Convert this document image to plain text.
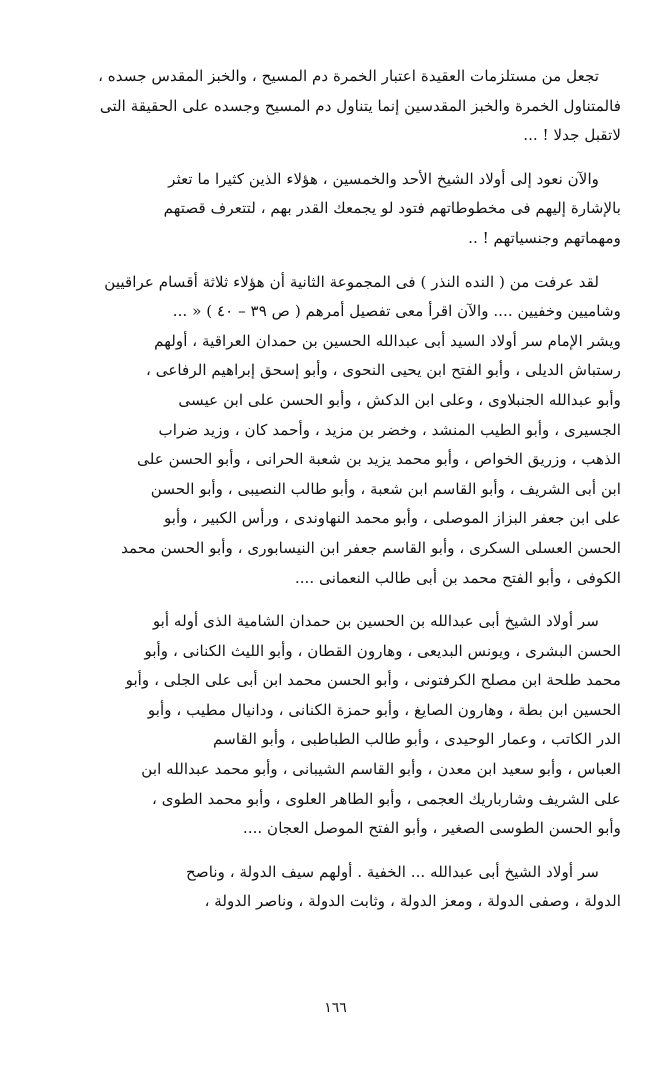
تجعل من مستلزمات العقيدة اعتبار الخمرة دم المسيح ، والخبز المقدس جسده ،
فالمتناول الخمرة والخبز المقدسين إنما يتناول دم المسيح وجسده على الحقيقة التى
لاتقبل جدلا ! ...

والآن نعود إلى أولاد الشيخ الأحد والخمسين ، هؤلاء الذين كثيرا ما تعثر
بالإشارة إليهم فى مخطوطاتهم فتود لو يجمعك القدر بهم ، لتتعرف قصتهم
ومهماتهم وجنسياتهم ! ..

لقد عرفت من ( النده النذر ) فى المجموعة الثانية أن هؤلاء ثلاثة أقسام عراقيين
وشاميين وخفيين .... والآن اقرأ معى تفصيل أمرهم ( ص ٣٩ – ٤٠ ) « ...
ويشر الإمام سر أولاد السيد أبى عبدالله الحسين بن حمدان العراقية ، أولهم
رستباش الديلى ، وأبو الفتح ابن يحيى النحوى ، وأبو إسحق إبراهيم الرفاعى ،
وأبو عبدالله الجنبلاوى ، وعلى ابن الدكش ، وأبو الحسن على ابن عيسى
الجسيرى ، وأبو الطيب المنشد ، وخضر بن مزيد ، وأحمد كان ، وزيد ضراب
الذهب ، وزريق الخواص ، وأبو محمد يزيد بن شعبة الحرانى ، وأبو الحسن على
ابن أبى الشريف ، وأبو القاسم ابن شعبة ، وأبو طالب النصيبى ، وأبو الحسن
على ابن جعفر البزاز الموصلى ، وأبو محمد النهاوندى ، ورأس الكبير ، وأبو
الحسن العسلى السكرى ، وأبو القاسم جعفر ابن النيسابورى ، وأبو الحسن محمد
الكوفى ، وأبو الفتح محمد بن أبى طالب النعمانى ....

سر أولاد الشيخ أبى عبدالله بن الحسين بن حمدان الشامية الذى أوله أبو
الحسن البشرى ، ويونس البديعى ، وهارون القطان ، وأبو الليث الكنانى ، وأبو
محمد طلحة ابن مصلح الكرفتونى ، وأبو الحسن محمد ابن أبى على الجلى ، وأبو
الحسين ابن بطة ، وهارون الصايغ ، وأبو حمزة الكنانى ، ودانيال مطيب ، وأبو
الدر الكاتب ، وعمار الوحيدى ، وأبو طالب الطباطبى ، وأبو القاسم
العباس ، وأبو سعيد ابن معدن ، وأبو القاسم الشيبانى ، وأبو محمد عبدالله ابن
على الشريف وشارباريك العجمى ، وأبو الطاهر العلوى ، وأبو محمد الطوى ،
وأبو الحسن الطوسى الصغير ، وأبو الفتح الموصل العجان ....

سر أولاد الشيخ أبى عبدالله ... الخفية . أولهم سيف الدولة ، وناصح
الدولة ، وصفى الدولة ، ومعز الدولة ، وثابت الدولة ، وناصر الدولة ،

١٦٦
